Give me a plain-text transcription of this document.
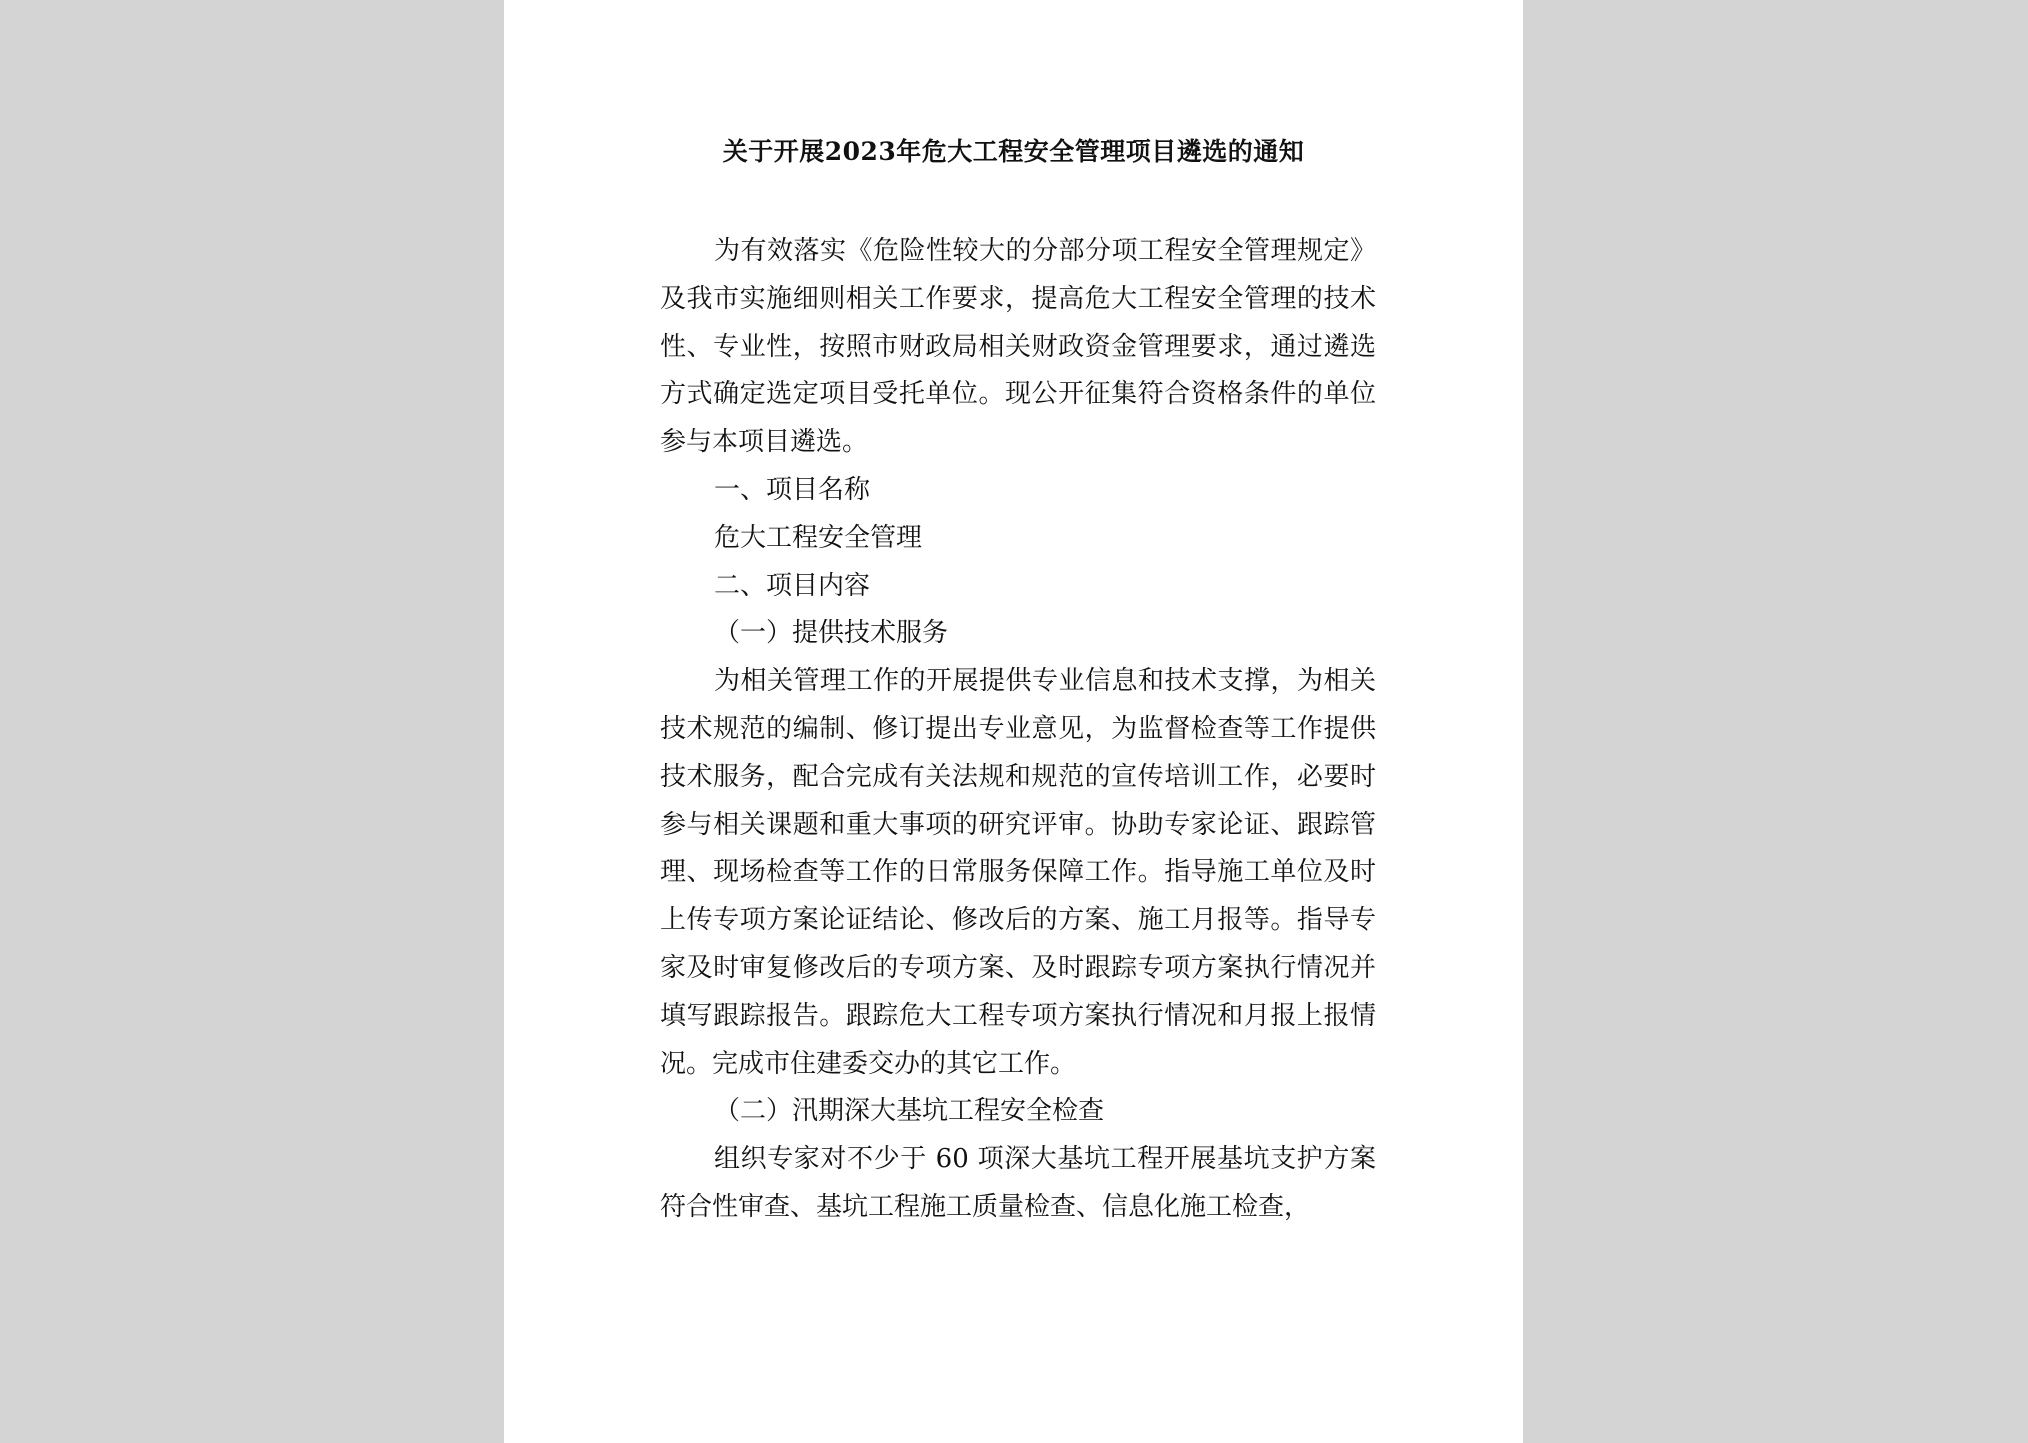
关于开展2023年危大工程安全管理项目遴选的通知

为有效落实《危险性较大的分部分项工程安全管理规定》及我市实施细则相关工作要求，提高危大工程安全管理的技术性、专业性，按照市财政局相关财政资金管理要求，通过遴选方式确定选定项目受托单位。现公开征集符合资格条件的单位参与本项目遴选。

一、项目名称

危大工程安全管理

二、项目内容

（一）提供技术服务

为相关管理工作的开展提供专业信息和技术支撑，为相关技术规范的编制、修订提出专业意见，为监督检查等工作提供技术服务，配合完成有关法规和规范的宣传培训工作，必要时参与相关课题和重大事项的研究评审。协助专家论证、跟踪管理、现场检查等工作的日常服务保障工作。指导施工单位及时上传专项方案论证结论、修改后的方案、施工月报等。指导专家及时审复修改后的专项方案、及时跟踪专项方案执行情况并填写跟踪报告。跟踪危大工程专项方案执行情况和月报上报情况。完成市住建委交办的其它工作。

（二）汛期深大基坑工程安全检查

组织专家对不少于 60 项深大基坑工程开展基坑支护方案符合性审查、基坑工程施工质量检查、信息化施工检查，
